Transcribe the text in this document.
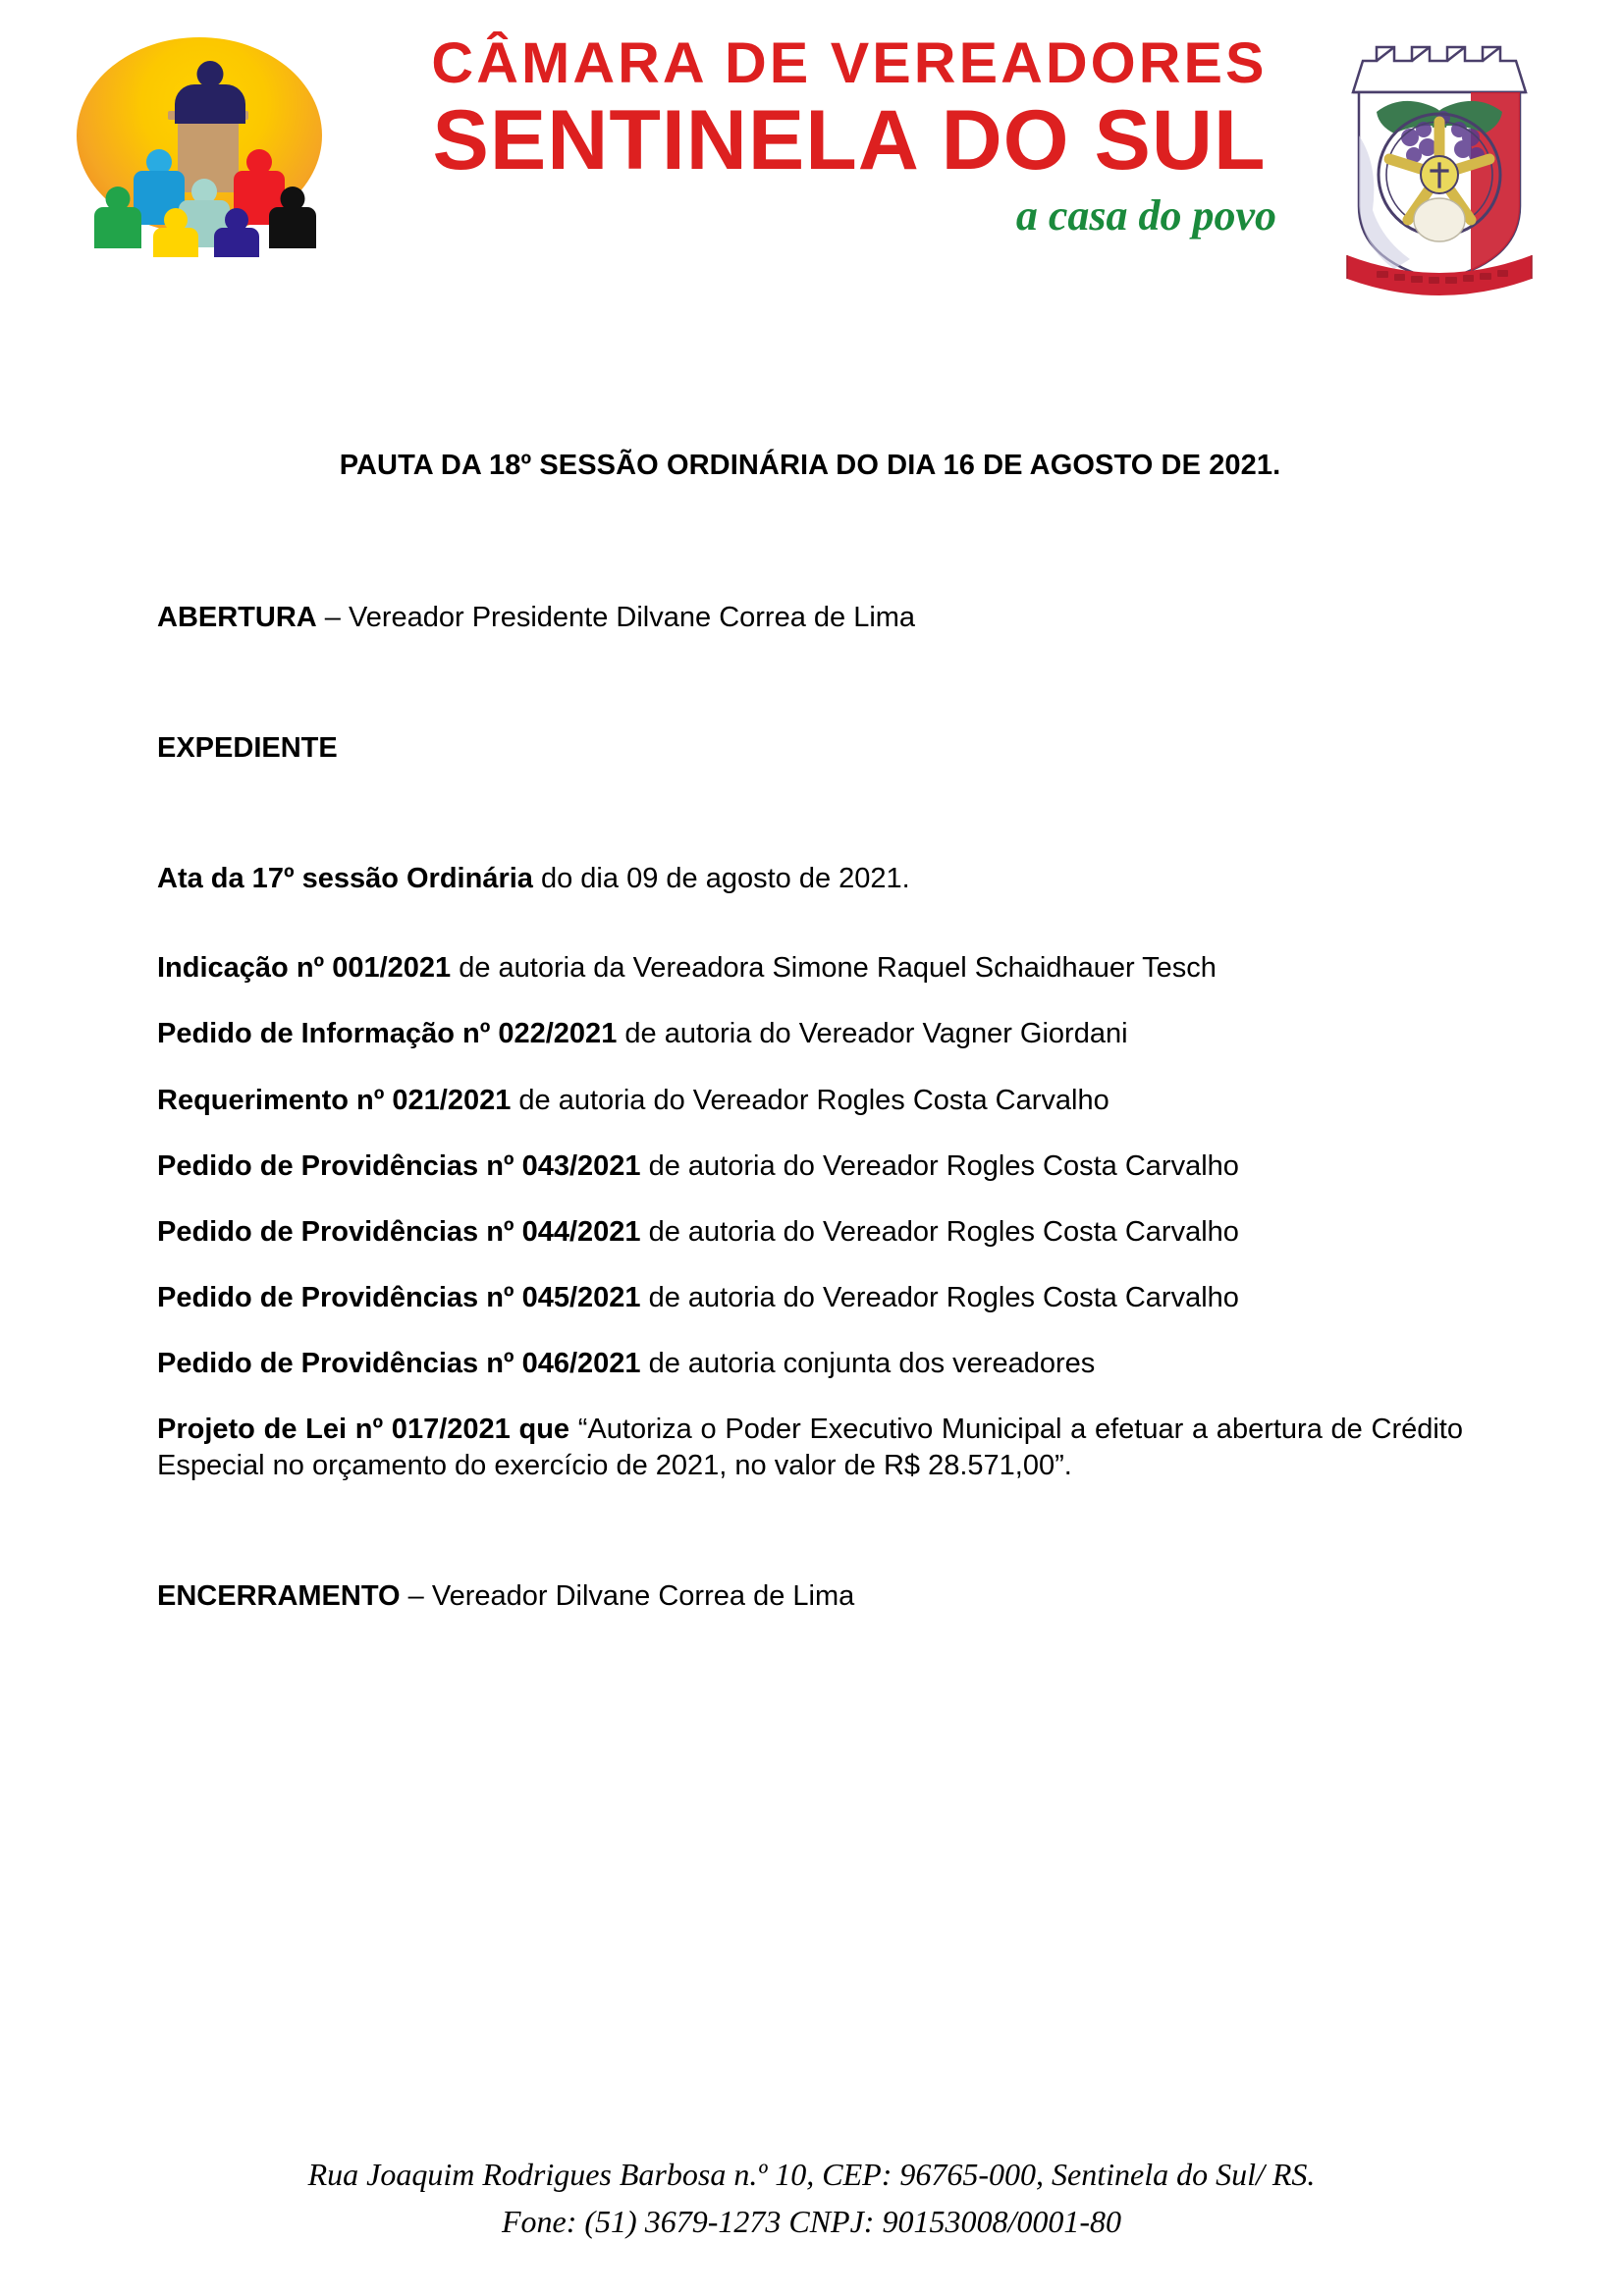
CÂMARA DE VEREADORES
SENTINELA DO SUL
a casa do povo
PAUTA DA 18º SESSÃO ORDINÁRIA DO DIA 16 DE AGOSTO DE 2021.

ABERTURA – Vereador Presidente Dilvane Correa de Lima

EXPEDIENTE

Ata da 17º sessão Ordinária do dia 09 de agosto de 2021.

Indicação nº 001/2021 de autoria da Vereadora Simone Raquel Schaidhauer Tesch

Pedido de Informação nº 022/2021 de autoria do Vereador Vagner Giordani

Requerimento nº 021/2021 de autoria do Vereador Rogles Costa Carvalho

Pedido de Providências nº 043/2021 de autoria do Vereador Rogles Costa Carvalho

Pedido de Providências nº 044/2021 de autoria do Vereador Rogles Costa Carvalho

Pedido de Providências nº 045/2021 de autoria do Vereador Rogles Costa Carvalho

Pedido de Providências nº 046/2021 de autoria conjunta dos vereadores

Projeto de Lei nº 017/2021 que “Autoriza o Poder Executivo Municipal a efetuar a abertura de Crédito Especial no orçamento do exercício de 2021, no valor de R$ 28.571,00”.

ENCERRAMENTO – Vereador Dilvane Correa de Lima

Rua Joaquim Rodrigues Barbosa n.º 10, CEP: 96765-000, Sentinela do Sul/ RS.
Fone: (51) 3679-1273 CNPJ: 90153008/0001-80
